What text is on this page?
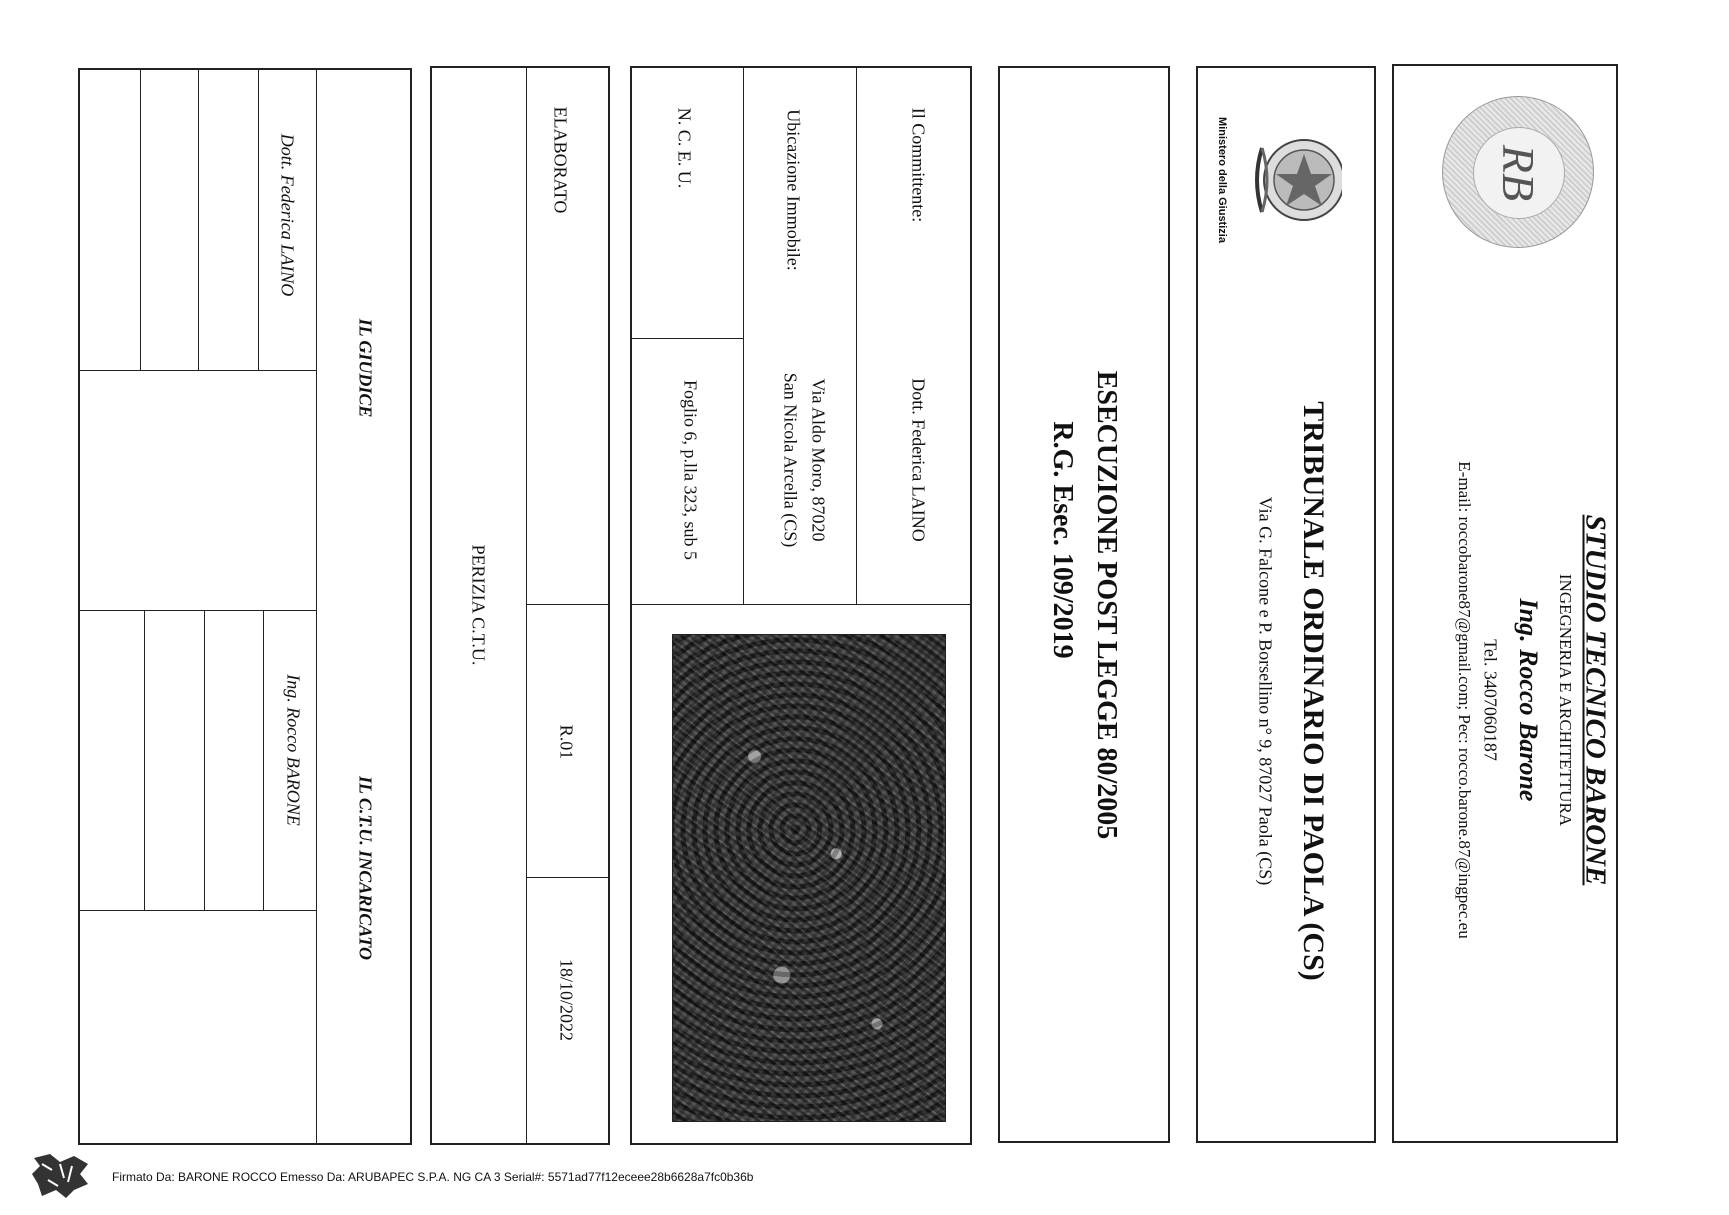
RB
STUDIO TECNICO BARONE
INGEGNERIA E ARCHITETTURA
Ing. Rocco Barone
Tel. 3407060187
E-mail: roccobarone87@gmail.com; Pec: rocco.barone.87@ingpec.eu
Ministero della Giustizia
TRIBUNALE ORDINARIO DI PAOLA (CS)
Via G. Falcone e P. Borsellino n° 9, 87027 Paola (CS)
ESECUZIONE POST LEGGE 80/2005
R.G. Esec. 109/2019
Il Committente:
Dott. Federica LAINO
Ubicazione Immobile:
Via Aldo Moro, 87020
San Nicola Arcella (CS)
N. C. E. U.
Foglio 6, p.lla 323, sub 5
ELABORATO
R.01
18/10/2022
PERIZIA C.T.U.
IL GIUDICE
Dott. Federica LAINO
IL C.T.U. INCARICATO
Ing. Rocco BARONE
Firmato Da: BARONE ROCCO Emesso Da: ARUBAPEC S.P.A. NG CA 3 Serial#: 5571ad77f12eceee28b6628a7fc0b36b
